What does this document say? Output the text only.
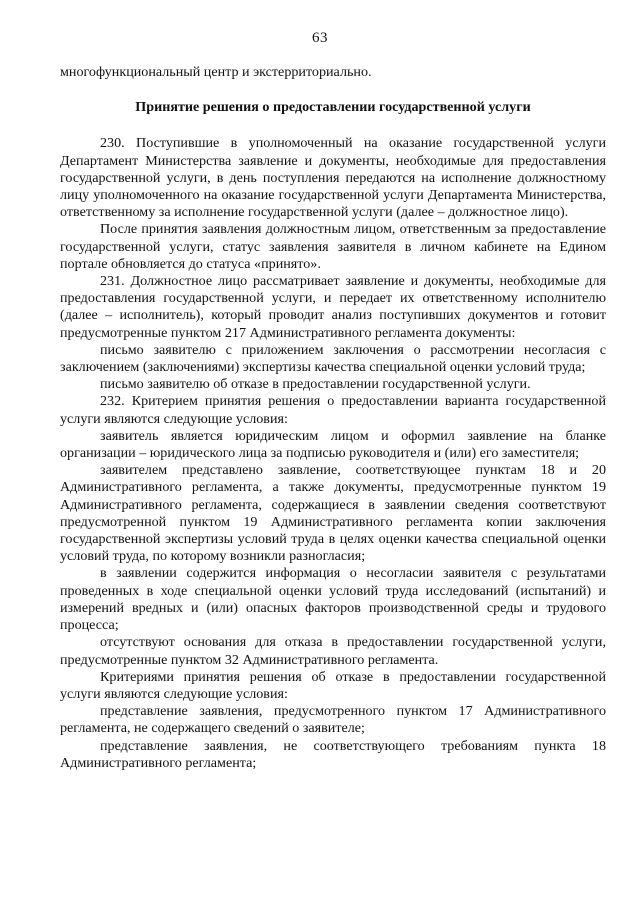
63

многофункциональный центр и экстерриториально.

Принятие решения о предоставлении государственной услуги

230. Поступившие в уполномоченный на оказание государственной услуги Департамент Министерства заявление и документы, необходимые для предоставления государственной услуги, в день поступления передаются на исполнение должностному лицу уполномоченного на оказание государственной услуги Департамента Министерства, ответственному за исполнение государственной услуги (далее – должностное лицо).

После принятия заявления должностным лицом, ответственным за предоставление государственной услуги, статус заявления заявителя в личном кабинете на Едином портале обновляется до статуса «принято».

231. Должностное лицо рассматривает заявление и документы, необходимые для предоставления государственной услуги, и передает их ответственному исполнителю (далее – исполнитель), который проводит анализ поступивших документов и готовит предусмотренные пунктом 217 Административного регламента документы:

письмо заявителю с приложением заключения о рассмотрении несогласия с заключением (заключениями) экспертизы качества специальной оценки условий труда;

письмо заявителю об отказе в предоставлении государственной услуги.

232. Критерием принятия решения о предоставлении варианта государственной услуги являются следующие условия:

заявитель является юридическим лицом и оформил заявление на бланке организации – юридического лица за подписью руководителя и (или) его заместителя;

заявителем представлено заявление, соответствующее пунктам 18 и 20 Административного регламента, а также документы, предусмотренные пунктом 19 Административного регламента, содержащиеся в заявлении сведения соответствуют предусмотренной пунктом 19 Административного регламента копии заключения государственной экспертизы условий труда в целях оценки качества специальной оценки условий труда, по которому возникли разногласия;

в заявлении содержится информация о несогласии заявителя с результатами проведенных в ходе специальной оценки условий труда исследований (испытаний) и измерений вредных и (или) опасных факторов производственной среды и трудового процесса;

отсутствуют основания для отказа в предоставлении государственной услуги, предусмотренные пунктом 32 Административного регламента.

Критериями принятия решения об отказе в предоставлении государственной услуги являются следующие условия:

представление заявления, предусмотренного пунктом 17 Административного регламента, не содержащего сведений о заявителе;

представление заявления, не соответствующего требованиям пункта 18 Административного регламента;
